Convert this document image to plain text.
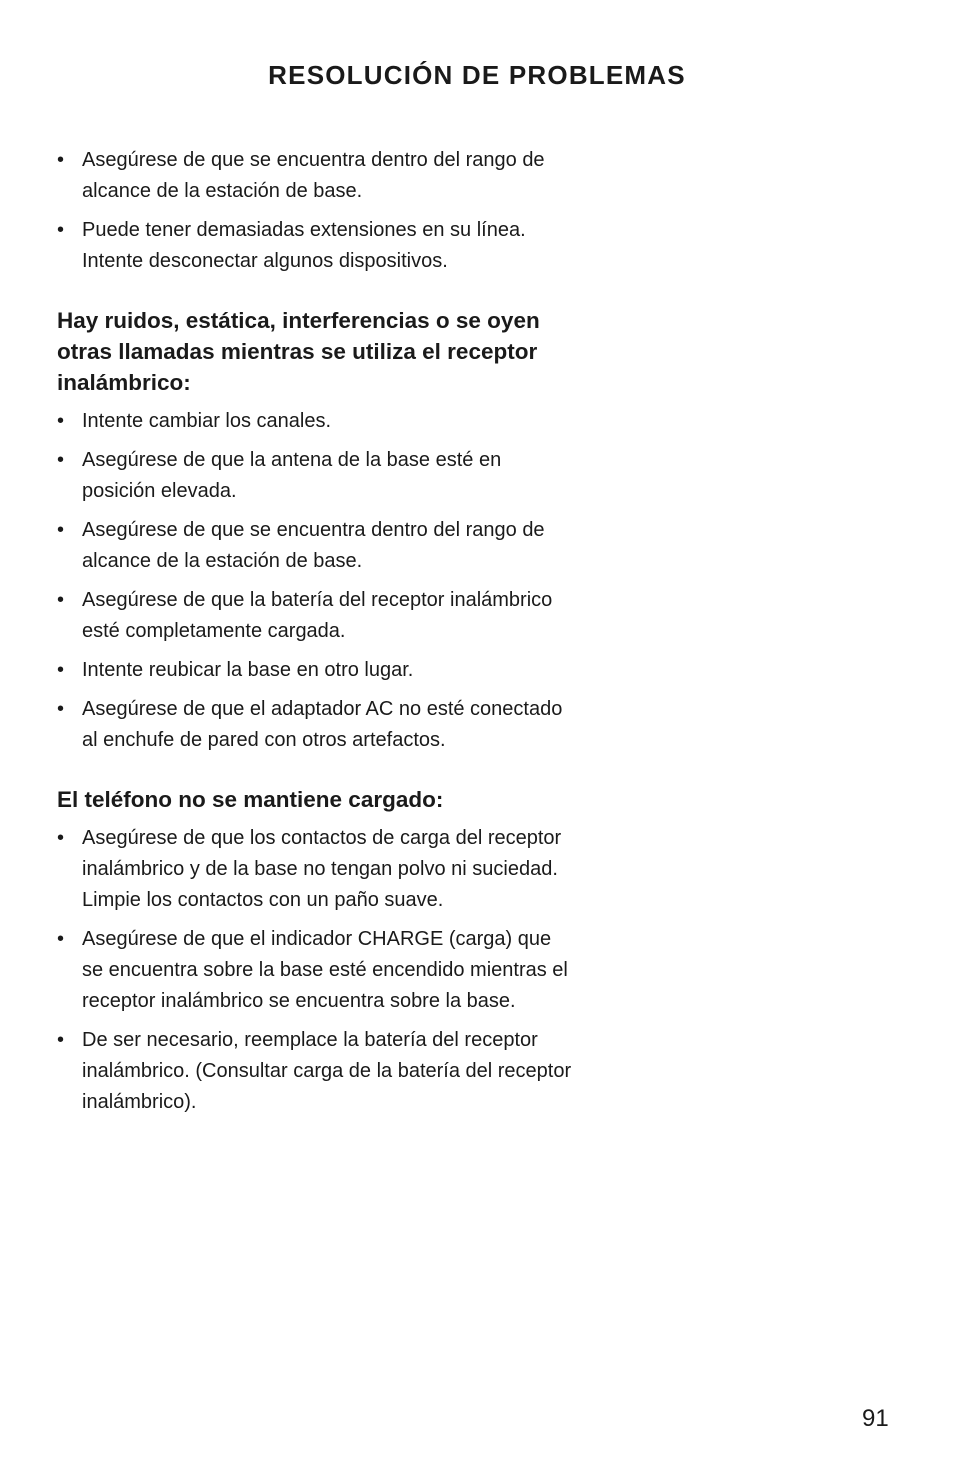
RESOLUCIÓN DE PROBLEMAS
• Asegúrese de que se encuentra dentro del rango de alcance de la estación de base.
• Puede tener demasiadas extensiones en su línea. Intente desconectar algunos dispositivos.
Hay ruidos, estática, interferencias o se oyen otras llamadas mientras se utiliza el receptor inalámbrico:
• Intente cambiar los canales.
• Asegúrese de que la antena de la base esté en posición elevada.
• Asegúrese de que se encuentra dentro del rango de alcance de la estación de base.
• Asegúrese de que la batería del receptor inalámbrico esté completamente cargada.
• Intente reubicar la base en otro lugar.
• Asegúrese de que el adaptador AC no esté conectado al enchufe de pared con otros artefactos.
El teléfono no se mantiene cargado:
• Asegúrese de que los contactos de carga del receptor inalámbrico y de la base no tengan polvo ni suciedad. Limpie los contactos con un paño suave.
• Asegúrese de que el indicador CHARGE (carga) que se encuentra sobre la base esté encendido mientras el receptor inalámbrico se encuentra sobre la base.
• De ser necesario, reemplace la batería del receptor inalámbrico. (Consultar carga de la batería del receptor inalámbrico).
91
